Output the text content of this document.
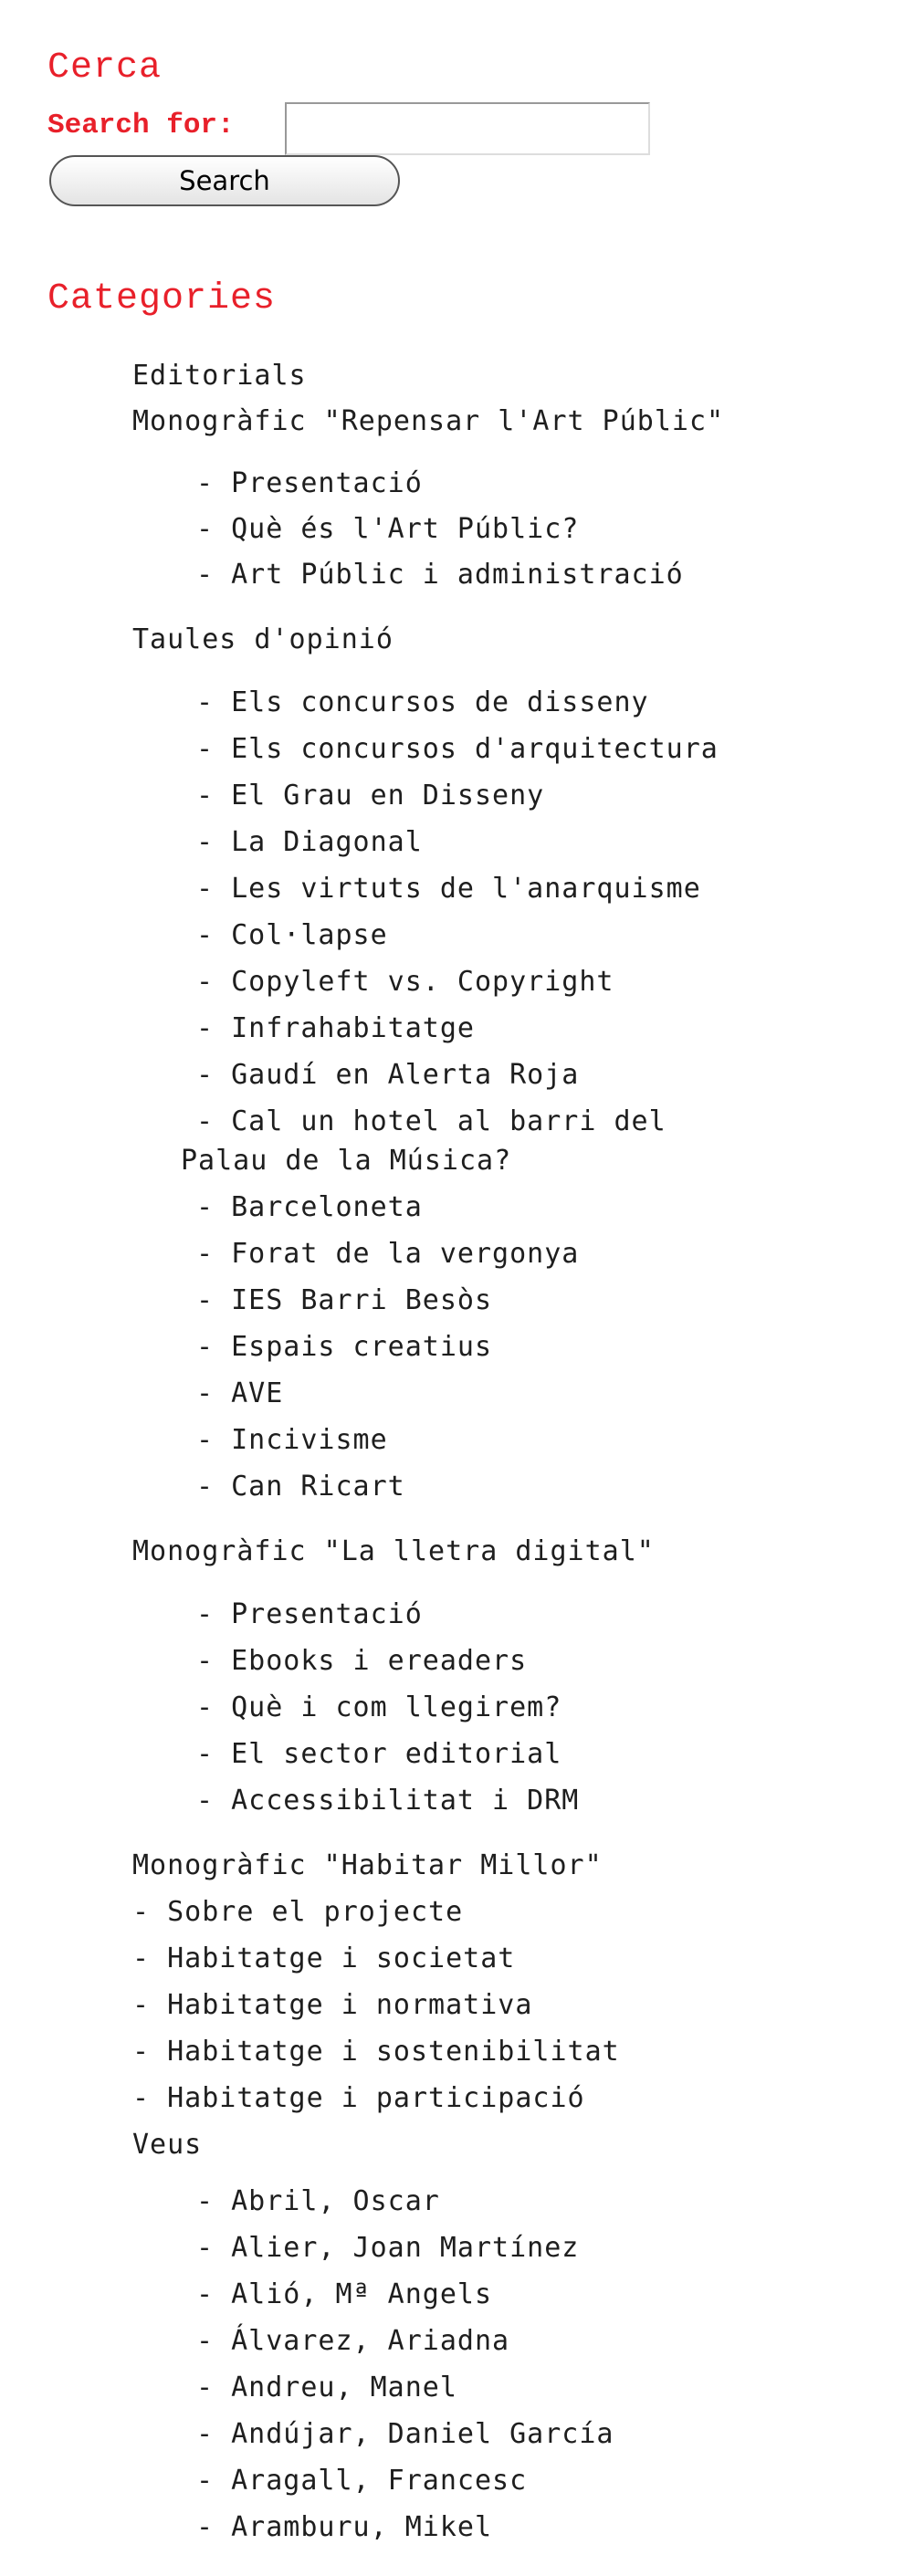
Cerca
Search for:
Search
Categories
Editorials
Monogràfic "Repensar l'Art Públic"
- Presentació
- Què és l'Art Públic?
- Art Públic i administració
Taules d'opinió
- Els concursos de disseny
- Els concursos d'arquitectura
- El Grau en Disseny
- La Diagonal
- Les virtuts de l'anarquisme
- Col·lapse
- Copyleft vs. Copyright
- Infrahabitatge
- Gaudí en Alerta Roja
- Cal un hotel al barri del
Palau de la Música?
- Barceloneta
- Forat de la vergonya
- IES Barri Besòs
- Espais creatius
- AVE
- Incivisme
- Can Ricart
Monogràfic "La lletra digital"
- Presentació
- Ebooks i ereaders
- Què i com llegirem?
- El sector editorial
- Accessibilitat i DRM
Monogràfic "Habitar Millor"
- Sobre el projecte
- Habitatge i societat
- Habitatge i normativa
- Habitatge i sostenibilitat
- Habitatge i participació
Veus
- Abril, Oscar
- Alier, Joan Martínez
- Alió, Mª Angels
- Álvarez, Ariadna
- Andreu, Manel
- Andújar, Daniel García
- Aragall, Francesc
- Aramburu, Mikel
